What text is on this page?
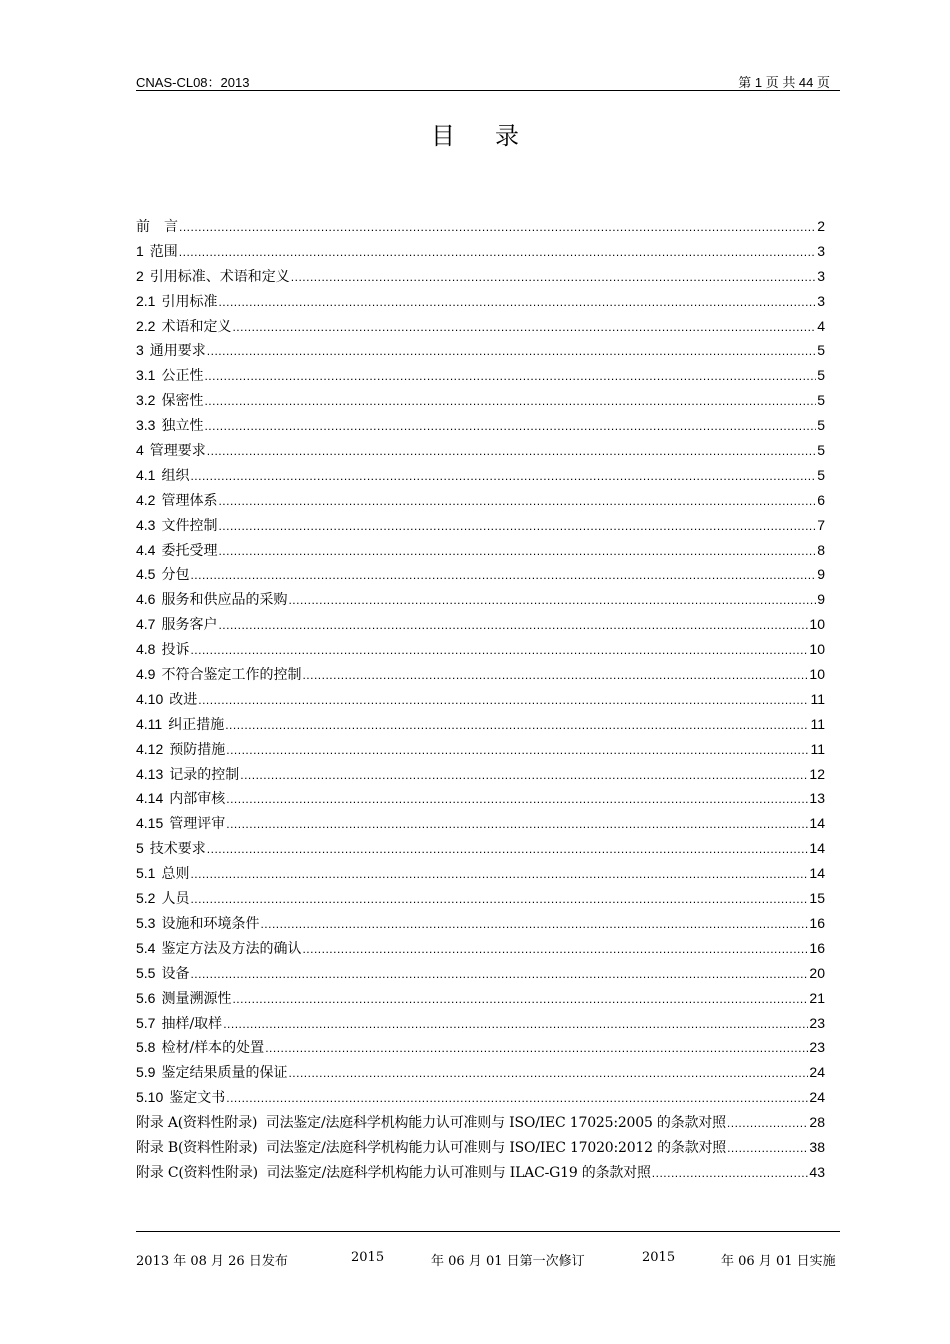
CNAS-CL08：2013	第 1 页 共 44 页
目录
前　言 .....	2
1 范围 .....	3
2 引用标准、术语和定义 .....	3
2.1 引用标准 .....	3
2.2 术语和定义 .....	4
3 通用要求 .....	5
3.1 公正性 .....	5
3.2 保密性 .....	5
3.3 独立性 .....	5
4 管理要求 .....	5
4.1 组织 .....	5
4.2 管理体系 .....	6
4.3 文件控制 .....	7
4.4 委托受理 .....	8
4.5 分包 .....	9
4.6 服务和供应品的采购 .....	9
4.7 服务客户 .....	10
4.8 投诉 .....	10
4.9 不符合鉴定工作的控制 .....	10
4.10 改进 .....	11
4.11 纠正措施 .....	11
4.12 预防措施 .....	11
4.13 记录的控制 .....	12
4.14 内部审核 .....	13
4.15 管理评审 .....	14
5 技术要求 .....	14
5.1 总则 .....	14
5.2 人员 .....	15
5.3 设施和环境条件 .....	16
5.4 鉴定方法及方法的确认 .....	16
5.5 设备 .....	20
5.6 测量溯源性 .....	21
5.7 抽样/取样 .....	23
5.8 检材/样本的处置 .....	23
5.9 鉴定结果质量的保证 .....	24
5.10 鉴定文书 .....	24
附录 A(资料性附录)  司法鉴定/法庭科学机构能力认可准则与 ISO/IEC 17025:2005 的条款对照 .....	28
附录 B(资料性附录)  司法鉴定/法庭科学机构能力认可准则与 ISO/IEC 17020:2012 的条款对照 .....	38
附录 C(资料性附录)  司法鉴定/法庭科学机构能力认可准则与 ILAC-G19 的条款对照 .....	43
2013 年 08 月 26 日发布	2015	年 06 月 01 日第一次修订	2015	年 06 月 01 日实施
